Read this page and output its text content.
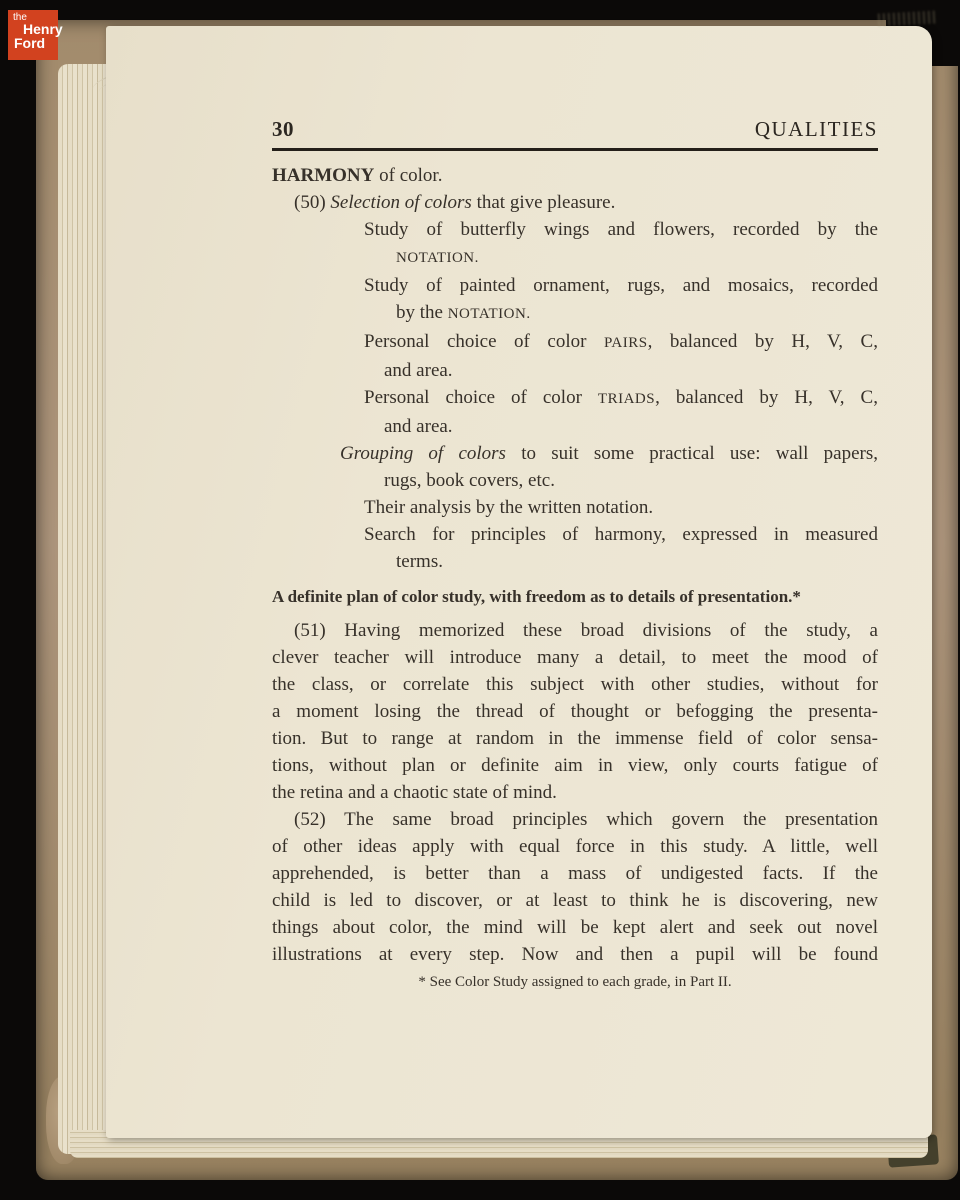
30	QUALITIES
HARMONY of color.
(50) Selection of colors that give pleasure.
Study of butterfly wings and flowers, recorded by the
NOTATION.
Study of painted ornament, rugs, and mosaics, recorded
by the NOTATION.
Personal choice of color PAIRS, balanced by H, V, C,
and area.
Personal choice of color TRIADS, balanced by H, V, C,
and area.
Grouping of colors to suit some practical use: wall papers,
rugs, book covers, etc.
Their analysis by the written notation.
Search for principles of harmony, expressed in measured
terms.
A definite plan of color study, with freedom as to details of presentation.*
(51) Having memorized these broad divisions of the study, a
clever teacher will introduce many a detail, to meet the mood of
the class, or correlate this subject with other studies, without for
a moment losing the thread of thought or befogging the presenta-
tion. But to range at random in the immense field of color sensa-
tions, without plan or definite aim in view, only courts fatigue of
the retina and a chaotic state of mind.
(52) The same broad principles which govern the presentation
of other ideas apply with equal force in this study. A little, well
apprehended, is better than a mass of undigested facts. If the
child is led to discover, or at least to think he is discovering, new
things about color, the mind will be kept alert and seek out novel
illustrations at every step. Now and then a pupil will be found
* See Color Study assigned to each grade, in Part II.
the
Henry
Ford
